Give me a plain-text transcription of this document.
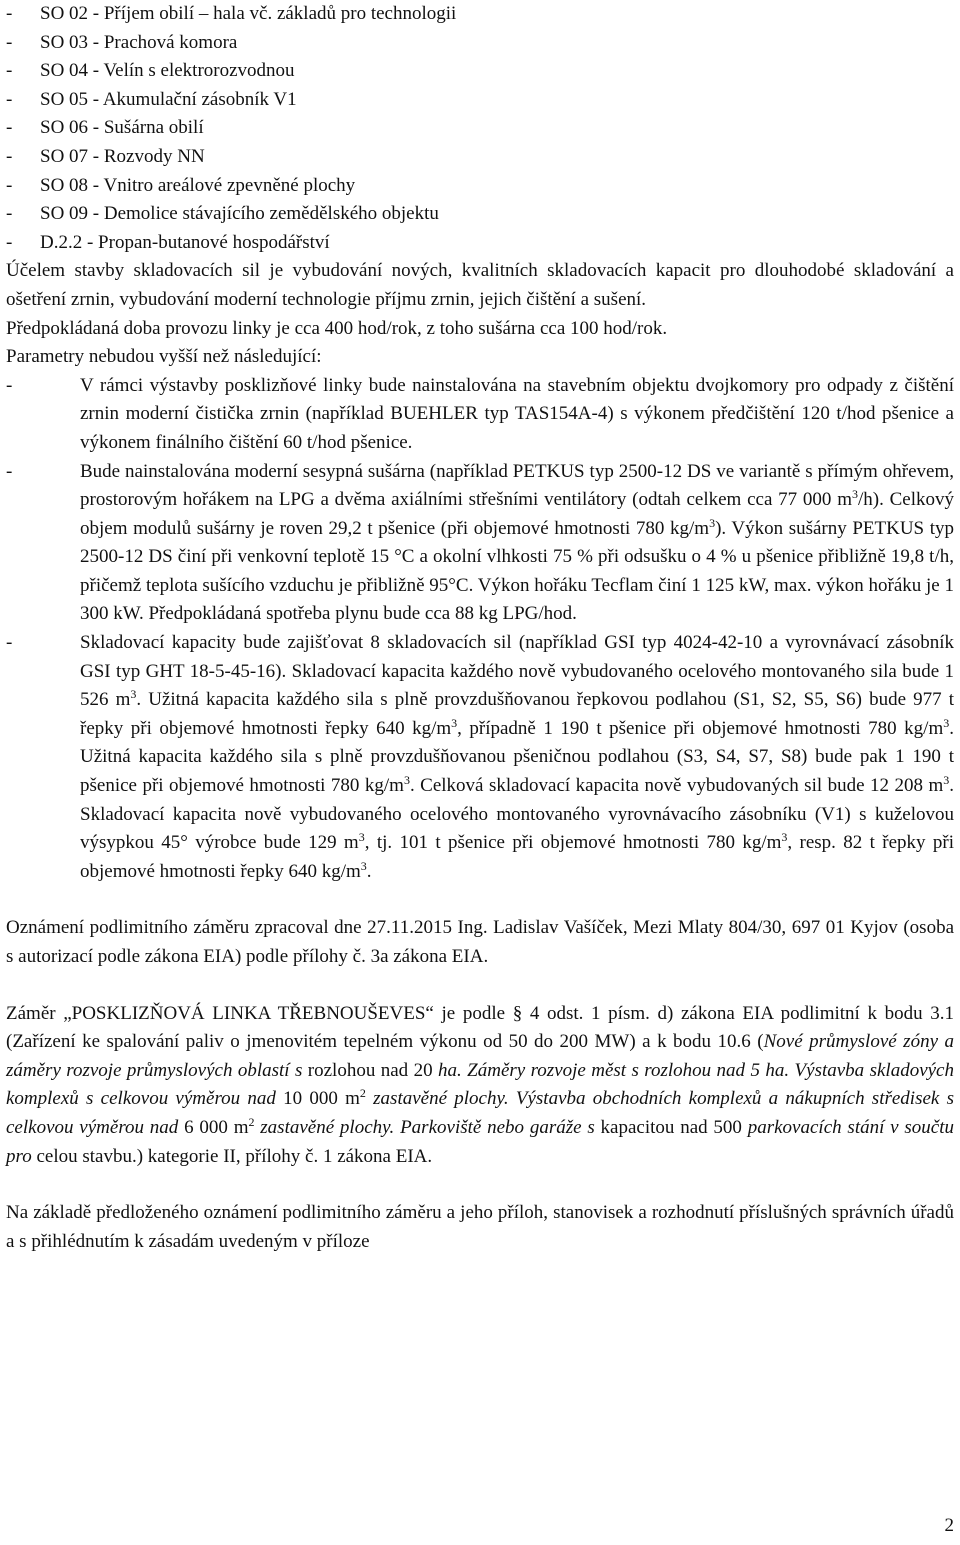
- SO 02 - Příjem obilí – hala vč. základů pro technologii
- SO 03 - Prachová komora
- SO 04 - Velín s elektrorozvodnou
- SO 05 - Akumulační zásobník V1
- SO 06 - Sušárna obilí
- SO 07 - Rozvody NN
- SO 08 - Vnitro areálové zpevněné plochy
- SO 09 - Demolice stávajícího zemědělského objektu
- D.2.2 - Propan-butanové hospodářství

Účelem stavby skladovacích sil je vybudování nových, kvalitních skladovacích kapacit pro dlouhodobé skladování a ošetření zrnin, vybudování moderní technologie příjmu zrnin, jejich čištění a sušení.

Předpokládaná doba provozu linky je cca 400 hod/rok, z toho sušárna cca 100 hod/rok.

Parametry nebudou vyšší než následující:

- V rámci výstavby posklizňové linky bude nainstalována na stavebním objektu dvojkomory pro odpady z čištění zrnin moderní čistička zrnin (například BUEHLER typ TAS154A-4) s výkonem předčištění 120 t/hod pšenice a výkonem finálního čištění 60 t/hod pšenice.
- Bude nainstalována moderní sesypná sušárna (například PETKUS typ 2500-12 DS ve variantě s přímým ohřevem, prostorovým hořákem na LPG a dvěma axiálními střešními ventilátory (odtah celkem cca 77 000 $m^3/h$). Celkový objem modulů sušárny je roven 29,2 t pšenice (při objemové hmotnosti 780 $kg/m^3$). Výkon sušárny PETKUS typ 2500-12 DS činí při venkovní teplotě 15 °C a okolní vlhkosti 75 % při odsušku o 4 % u pšenice přibližně 19,8 t/h, přičemž teplota sušícího vzduchu je přibližně 95°C. Výkon hořáku Tecflam činí 1 125 kW, max. výkon hořáku je 1 300 kW. Předpokládaná spotřeba plynu bude cca 88 kg LPG/hod.
- Skladovací kapacity bude zajišťovat 8 skladovacích sil (například GSI typ 4024-42-10 a vyrovnávací zásobník GSI typ GHT 18-5-45-16). Skladovací kapacita každého nově vybudovaného ocelového montovaného sila bude 1 526 $m^3$. Užitná kapacita každého sila s plně provzdušňovanou řepkovou podlahou (S1, S2, S5, S6) bude 977 t řepky při objemové hmotnosti řepky 640 $kg/m^3$, případně 1 190 t pšenice při objemové hmotnosti 780 $kg/m^3$. Užitná kapacita každého sila s plně provzdušňovanou pšeničnou podlahou (S3, S4, S7, S8) bude pak 1 190 t pšenice při objemové hmotnosti 780 $kg/m^3$. Celková skladovací kapacita nově vybudovaných sil bude 12 208 $m^3$. Skladovací kapacita nově vybudovaného ocelového montovaného vyrovnávacího zásobníku (V1) s kuželovou výsypkou 45° výrobce bude 129 $m^3$, tj. 101 t pšenice při objemové hmotnosti 780 $kg/m^3$, resp. 82 t řepky při objemové hmotnosti řepky 640 $kg/m^3$.

Oznámení podlimitního záměru zpracoval dne 27.11.2015 Ing. Ladislav Vašíček, Mezi Mlaty 804/30, 697 01 Kyjov (osoba s autorizací podle zákona EIA) podle přílohy č. 3a zákona EIA.

Záměr „POSKLIZŇOVÁ LINKA TŘEBNOUŠEVES“ je podle § 4 odst. 1 písm. d) zákona EIA podlimitní k bodu 3.1 (Zařízení ke spalování paliv o jmenovitém tepelném výkonu od 50 do 200 MW) a k bodu 10.6 (Nové průmyslové zóny a záměry rozvoje průmyslových oblastí s rozlohou nad 20 ha. Záměry rozvoje měst s rozlohou nad 5 ha. Výstavba skladových komplexů s celkovou výměrou nad 10 000 $m^2$ zastavěné plochy. Výstavba obchodních komplexů a nákupních středisek s celkovou výměrou nad 6 000 $m^2$ zastavěné plochy. Parkoviště nebo garáže s kapacitou nad 500 parkovacích stání v součtu pro celou stavbu.) kategorie II, přílohy č. 1 zákona EIA.

Na základě předloženého oznámení podlimitního záměru a jeho příloh, stanovisek a rozhodnutí příslušných správních úřadů a s přihlédnutím k zásadám uvedeným v příloze

2
